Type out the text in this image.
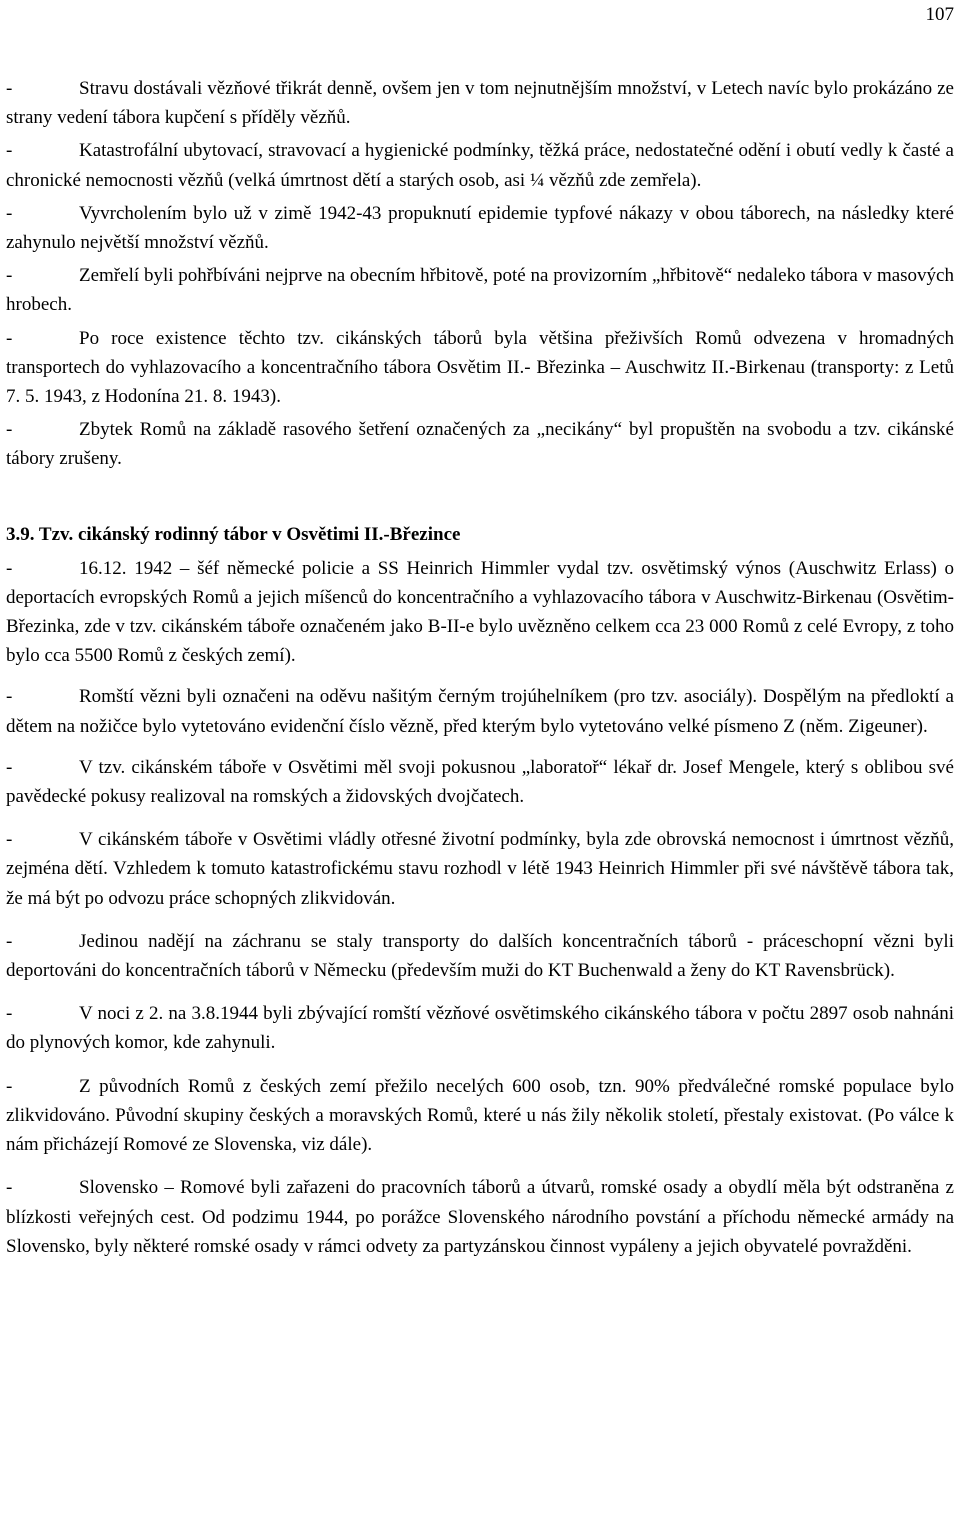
107
-	Stravu dostávali vězňové třikrát denně, ovšem jen v tom nejnutnějším množství, v Letech navíc bylo prokázáno ze strany vedení tábora kupčení s příděly vězňů.
-	Katastrofální ubytovací, stravovací a hygienické podmínky, těžká práce, nedostatečné odění i obutí vedly k časté a chronické nemocnosti vězňů (velká úmrtnost dětí a starých osob, asi ¼ vězňů zde zemřela).
-	Vyvrcholením bylo už v zimě 1942-43 propuknutí epidemie typfové nákazy v obou táborech, na následky které zahynulo největší množství vězňů.
-	Zemřelí byli pohřbíváni nejprve na obecním hřbitově, poté na provizorním „hřbitově“ nedaleko tábora v masových hrobech.
-	Po roce existence těchto tzv. cikánských táborů byla většina přeživších Romů odvezena v hromadných transportech do vyhlazovacího a koncentračního tábora Osvětim II.- Březinka – Auschwitz II.-Birkenau (transporty: z Letů 7. 5. 1943, z Hodonína 21. 8. 1943).
-	Zbytek Romů na základě rasového šetření označených za „necikány“ byl propuštěn na svobodu a tzv. cikánské tábory zrušeny.
3.9. Tzv. cikánský rodinný tábor v Osvětimi II.-Březince
-	16.12. 1942 – šéf německé policie a SS Heinrich Himmler vydal tzv. osvětimský výnos (Auschwitz Erlass) o deportacích evropských Romů a jejich míšenců do koncentračního a vyhlazovacího tábora v Auschwitz-Birkenau (Osvětim-Březinka, zde v tzv. cikánském táboře označeném jako B-II-e bylo uvězněno celkem cca 23 000 Romů z celé Evropy, z toho bylo cca 5500 Romů z českých zemí).
-	Romští vězni byli označeni na oděvu našitým černým trojúhelníkem (pro tzv. asociály). Dospělým na předloktí a dětem na nožičce bylo vytetováno evidenční číslo vězně, před kterým bylo vytetováno velké písmeno Z (něm. Zigeuner).
-	V tzv. cikánském táboře v Osvětimi měl svoji pokusnou „laboratoř“ lékař dr. Josef Mengele, který s oblibou své pavědecké pokusy realizoval na romských a židovských dvojčatech.
-	V cikánském táboře v Osvětimi vládly otřesné životní podmínky, byla zde obrovská nemocnost i úmrtnost vězňů, zejména dětí. Vzhledem k tomuto katastrofickému stavu rozhodl v létě 1943 Heinrich Himmler při své návštěvě tábora tak, že má být po odvozu práce schopných zlikvidován.
-	Jedinou nadějí na záchranu se staly transporty do dalších koncentračních táborů - práceschopní vězni byli deportováni do koncentračních táborů v Německu (především muži do KT Buchenwald a ženy do KT Ravensbrück).
-	V noci z 2. na 3.8.1944 byli zbývající romští vězňové osvětimského cikánského tábora v počtu 2897 osob nahnáni do plynových komor, kde zahynuli.
-	Z původních Romů z českých zemí přežilo necelých 600 osob, tzn. 90% předválečné romské populace bylo zlikvidováno. Původní skupiny českých a moravských Romů, které u nás žily několik století, přestaly existovat. (Po válce k nám přicházejí Romové ze Slovenska, viz dále).
-	Slovensko – Romové byli zařazeni do pracovních táborů a útvarů, romské osady a obydlí měla být odstraněna z blízkosti veřejných cest. Od podzimu 1944, po porážce Slovenského národního povstání a příchodu německé armády na Slovensko, byly některé romské osady v rámci odvety za partyzánskou činnost vypáleny a jejich obyvatelé povražděni.
